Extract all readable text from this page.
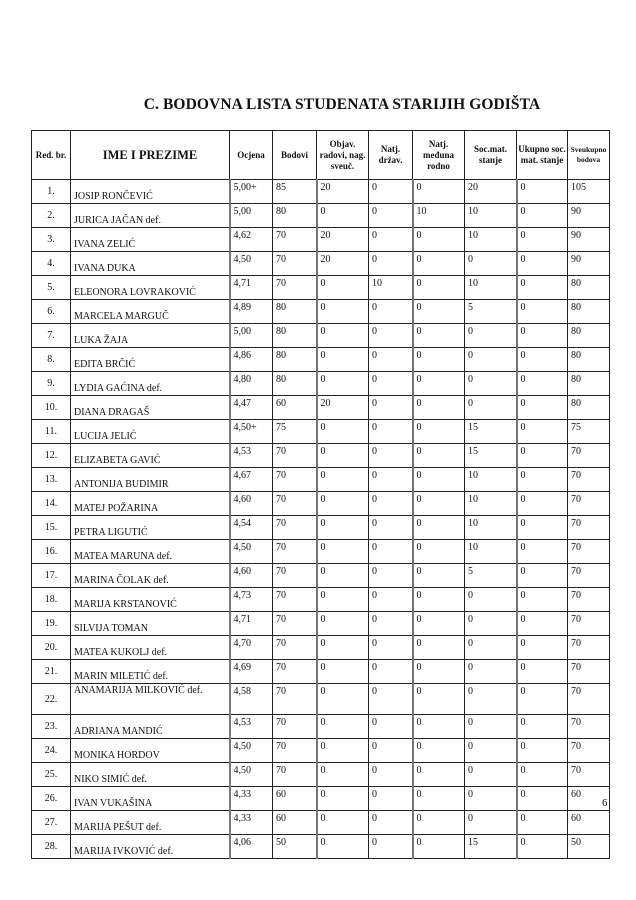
C. BODOVNA LISTA STUDENATA STARIJIH GODIŠTA
Red. br.	IME I PREZIME	Ocjena	Bodovi	Objav. radovi, nag. sveuč.	Natj. držav.	Natj. međuna rodno	Soc.mat. stanje	Ukupno soc. mat. stanje	Sveukupno bodova
1.	JOSIP RONČEVIĆ	5,00+	85	20	0	0	20	0	105
2.	JURICA JAČAN def.	5,00	80	0	0	10	10	0	90
3.	IVANA ZELIĆ	4,62	70	20	0	0	10	0	90
4.	IVANA DUKA	4,50	70	20	0	0	0	0	90
5.	ELEONORA LOVRAKOVIĆ	4,71	70	0	10	0	10	0	80
6.	MARCELA MARGUČ	4,89	80	0	0	0	5	0	80
7.	LUKA ŽAJA	5,00	80	0	0	0	0	0	80
8.	EDITA BRČIĆ	4,86	80	0	0	0	0	0	80
9.	LYDIA GAĆINA def.	4,80	80	0	0	0	0	0	80
10.	DIANA DRAGAŠ	4,47	60	20	0	0	0	0	80
11.	LUCIJA JELIĆ	4,50+	75	0	0	0	15	0	75
12.	ELIZABETA GAVIĆ	4,53	70	0	0	0	15	0	70
13.	ANTONIJA BUDIMIR	4,67	70	0	0	0	10	0	70
14.	MATEJ POŽARINA	4,60	70	0	0	0	10	0	70
15.	PETRA LIGUTIĆ	4,54	70	0	0	0	10	0	70
16.	MATEA MARUNA def.	4,50	70	0	0	0	10	0	70
17.	MARINA ČOLAK def.	4,60	70	0	0	0	5	0	70
18.	MARIJA KRSTANOVIĆ	4,73	70	0	0	0	0	0	70
19.	SILVIJA TOMAN	4,71	70	0	0	0	0	0	70
20.	MATEA KUKOLJ def.	4,70	70	0	0	0	0	0	70
21.	MARIN MILETIĆ def.	4,69	70	0	0	0	0	0	70
22.	ANAMARIJA MILKOVIĆ def.	4,58	70	0	0	0	0	0	70
23.	ADRIANA MANDIĆ	4,53	70	0	0	0	0	0	70
24.	MONIKA HORDOV	4,50	70	0	0	0	0	0	70
25.	NIKO SIMIĆ def.	4,50	70	0	0	0	0	0	70
26.	IVAN VUKAŠINA	4,33	60	0	0	0	0	0	60
27.	MARIJA PEŠUT def.	4,33	60	0	0	0	0	0	60
28.	MARIJA IVKOVIĆ def.	4,06	50	0	0	0	15	0	50
6
